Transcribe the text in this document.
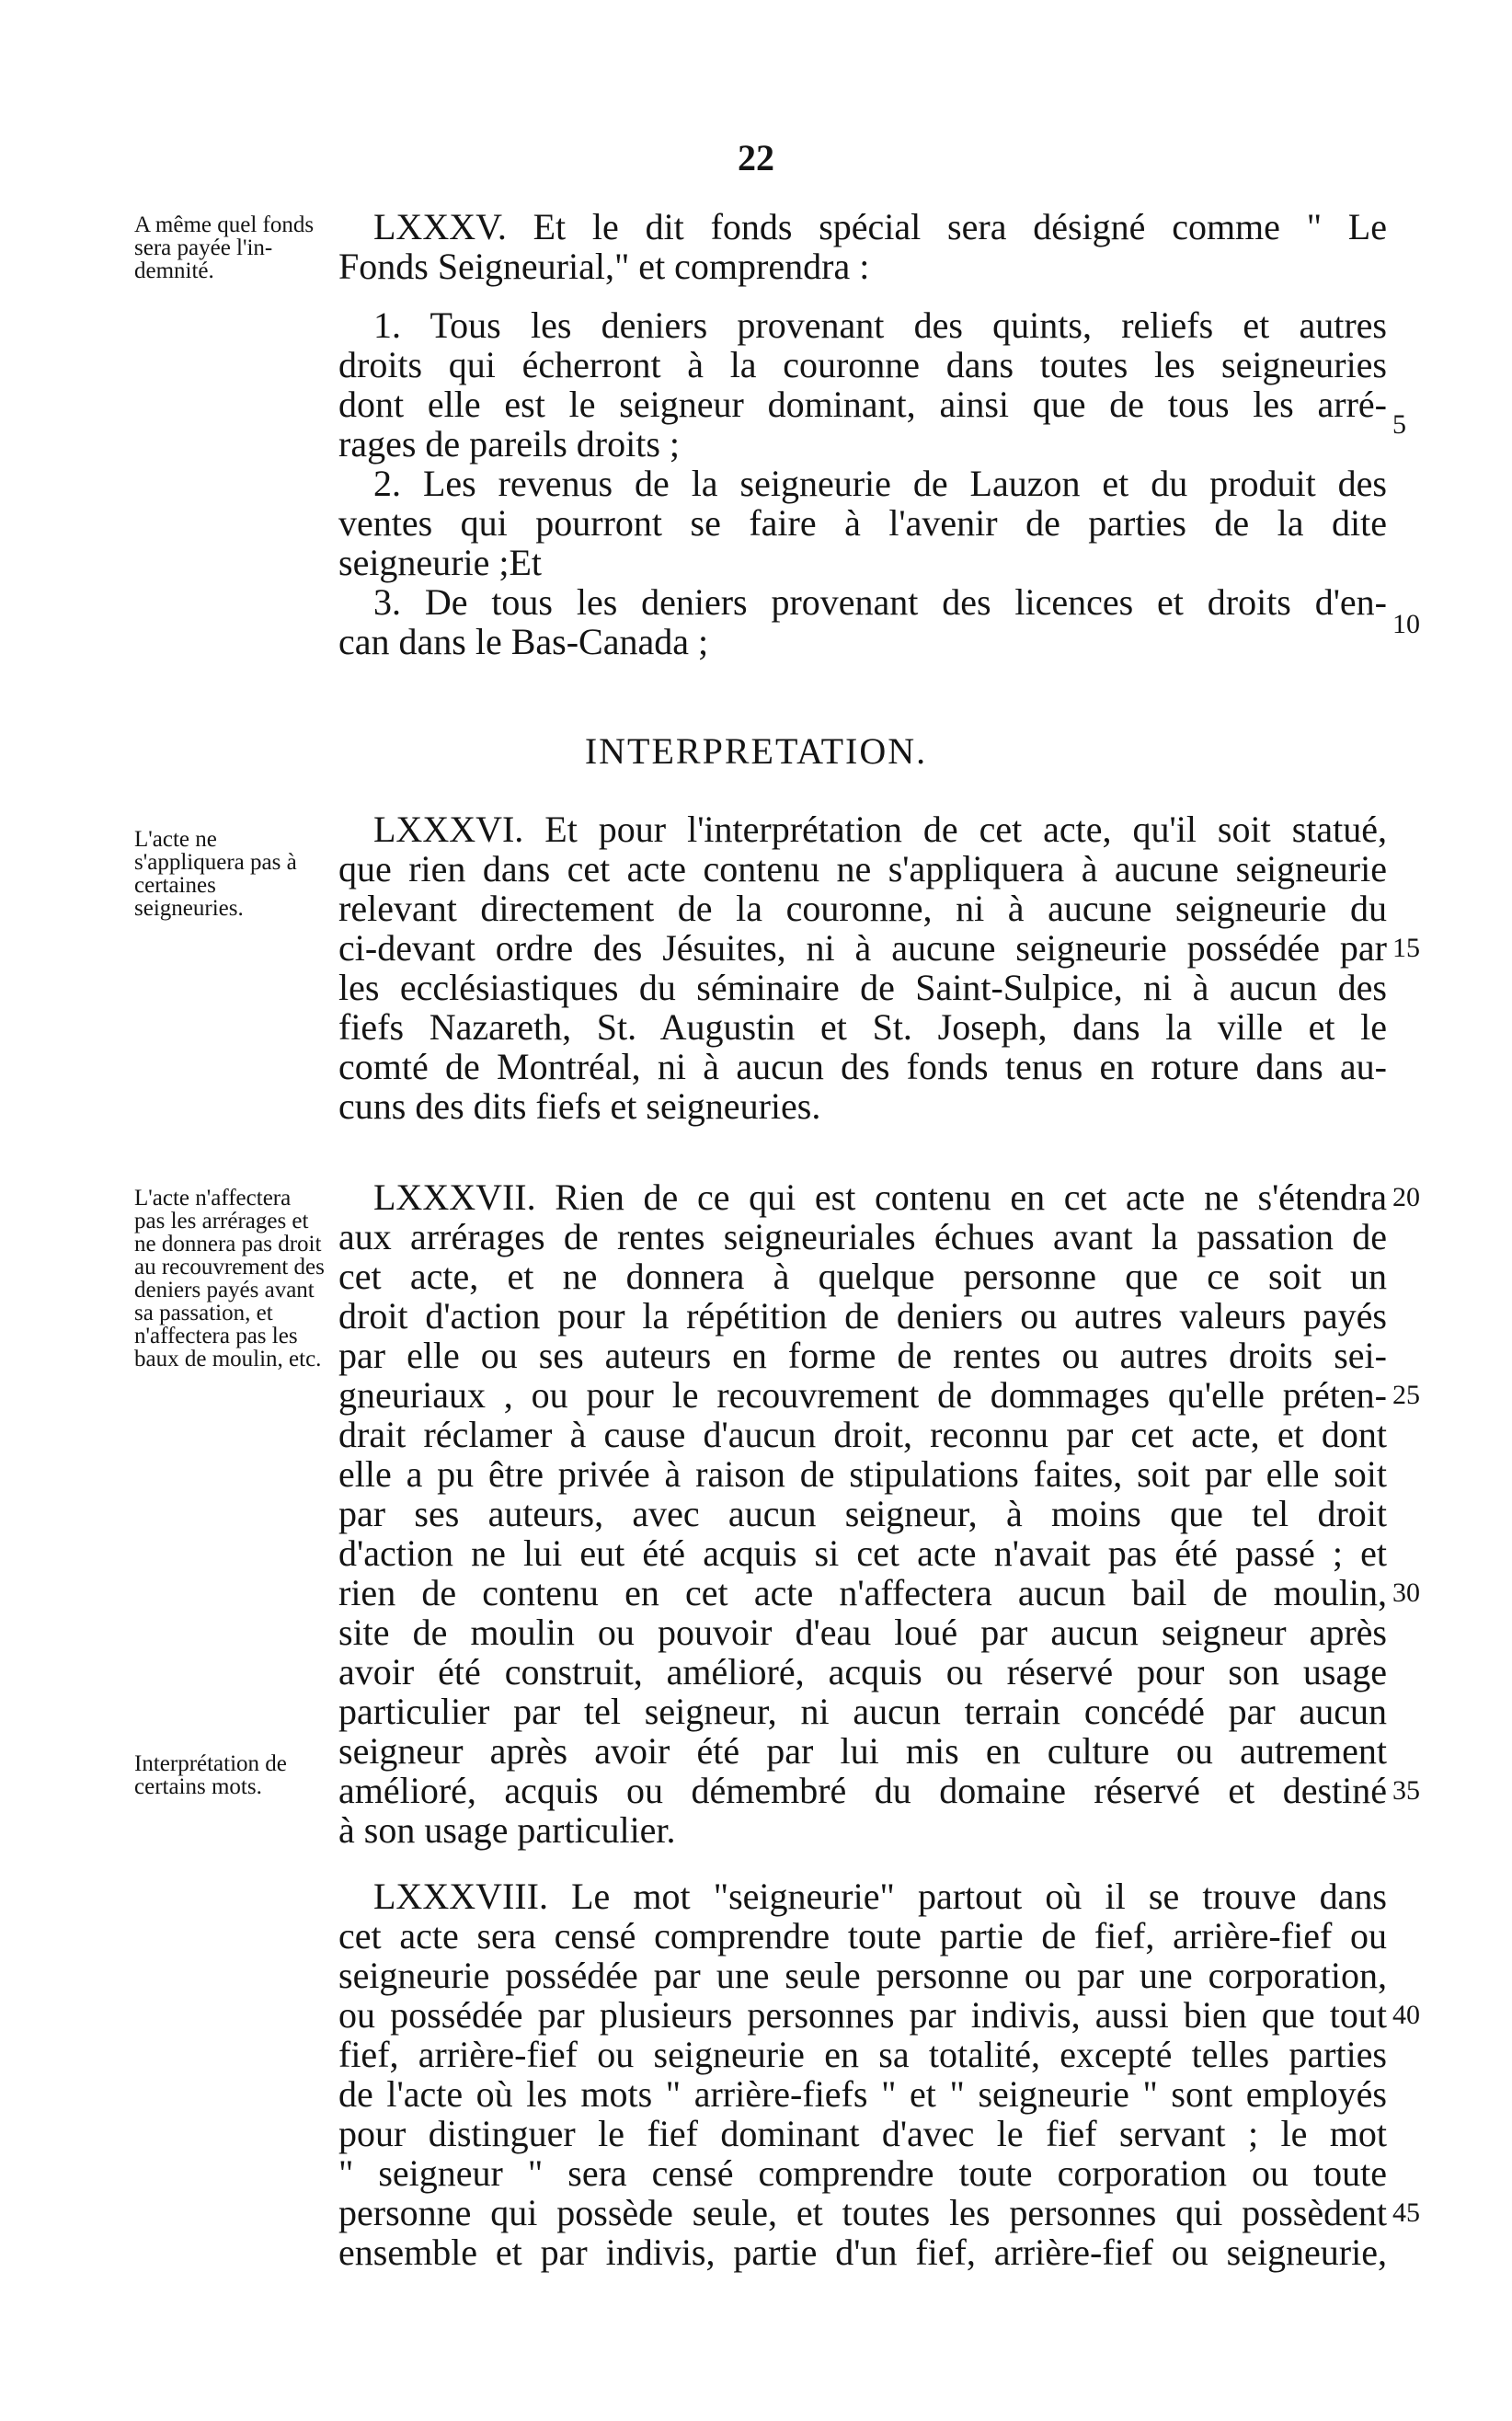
22
A même quel fonds sera payée l'in-demnité.
L'acte ne s'appliquera pas à certaines seigneuries.
L'acte n'affectera pas les arrérages et ne donnera pas droit au recouvrement des deniers payés avant sa passation, et n'affectera pas les baux de moulin, etc.
Interprétation de certains mots.
LXXXV. Et le dit fonds spécial sera désigné comme " Le
Fonds Seigneurial," et comprendra :
1. Tous les deniers provenant des quints, reliefs et autres
droits qui écherront à la couronne dans toutes les seigneuries
dont elle est le seigneur dominant, ainsi que de tous les arré-
rages de pareils droits ;
2. Les revenus de la seigneurie de Lauzon et du produit des
ventes qui pourront se faire à l'avenir de parties de la dite
seigneurie ;Et
3. De tous les deniers provenant des licences et droits d'en-
can dans le Bas-Canada ;
INTERPRETATION.
LXXXVI. Et pour l'interprétation de cet acte, qu'il soit statué,
que rien dans cet acte contenu ne s'appliquera à aucune seigneurie
relevant directement de la couronne, ni à aucune seigneurie du
ci-devant ordre des Jésuites, ni à aucune seigneurie possédée par
les ecclésiastiques du séminaire de Saint-Sulpice, ni à aucun des
fiefs Nazareth, St. Augustin et St. Joseph, dans la ville et le
comté de Montréal, ni à aucun des fonds tenus en roture dans au-
cuns des dits fiefs et seigneuries.
LXXXVII. Rien de ce qui est contenu en cet acte ne s'étendra
aux arrérages de rentes seigneuriales échues avant la passation de
cet acte, et ne donnera à quelque personne que ce soit un
droit d'action pour la répétition de deniers ou autres valeurs payés
par elle ou ses auteurs en forme de rentes ou autres droits sei-
gneuriaux , ou pour le recouvrement de dommages qu'elle préten-
drait réclamer à cause d'aucun droit, reconnu par cet acte, et dont
elle a pu être privée à raison de stipulations faites, soit par elle soit
par ses auteurs, avec aucun seigneur, à moins que tel droit
d'action ne lui eut été acquis si cet acte n'avait pas été passé ; et
rien de contenu en cet acte n'affectera aucun bail de moulin,
site de moulin ou pouvoir d'eau loué par aucun seigneur après
avoir été construit, amélioré, acquis ou réservé pour son usage
particulier par tel seigneur, ni aucun terrain concédé par aucun
seigneur après avoir été par lui mis en culture ou autrement
amélioré, acquis ou démembré du domaine réservé et destiné
à son usage particulier.
LXXXVIII. Le mot "seigneurie" partout où il se trouve dans
cet acte sera censé comprendre toute partie de fief, arrière-fief ou
seigneurie possédée par une seule personne ou par une corporation,
ou possédée par plusieurs personnes par indivis, aussi bien que tout
fief, arrière-fief ou seigneurie en sa totalité, excepté telles parties
de l'acte où les mots " arrière-fiefs " et " seigneurie " sont employés
pour distinguer le fief dominant d'avec le fief servant ; le mot
" seigneur " sera censé comprendre toute corporation ou toute
personne qui possède seule, et toutes les personnes qui possèdent
ensemble et par indivis, partie d'un fief, arrière-fief ou seigneurie,
5
10
15
20
25
30
35
40
45
